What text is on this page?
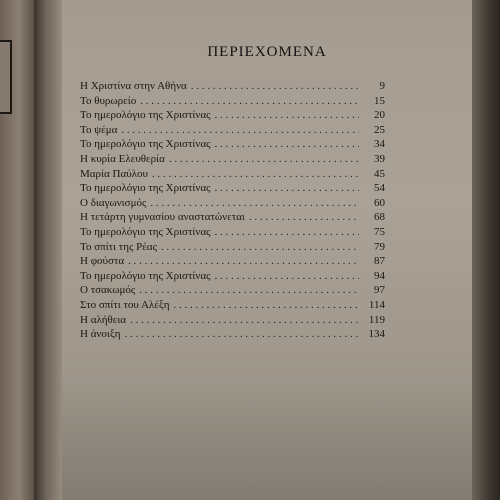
ΠΕΡΙΕΧΟΜΕΝΑ
Η Χριστίνα στην Αθήνα . . .	9
Το θυρωρείο . . .	15
Το ημερολόγιο της Χριστίνας . . .	20
Το ψέμα . . .	25
Το ημερολόγιο της Χριστίνας . . .	34
Η κυρία Ελευθερία . . .	39
Μαρία Παύλου . . .	45
Το ημερολόγιο της Χριστίνας . . .	54
Ο διαγωνισμός . . .	60
Η τετάρτη γυμνασίου αναστατώνεται . . .	68
Το ημερολόγιο της Χριστίνας . . .	75
Το σπίτι της Ρέας . . .	79
Η φούστα . . .	87
Το ημερολόγιο της Χριστίνας . . .	94
Ο τσακωμός . . .	97
Στο σπίτι του Αλέξη . . .	114
Η αλήθεια . . .	119
Η άνοιξη . . .	134
